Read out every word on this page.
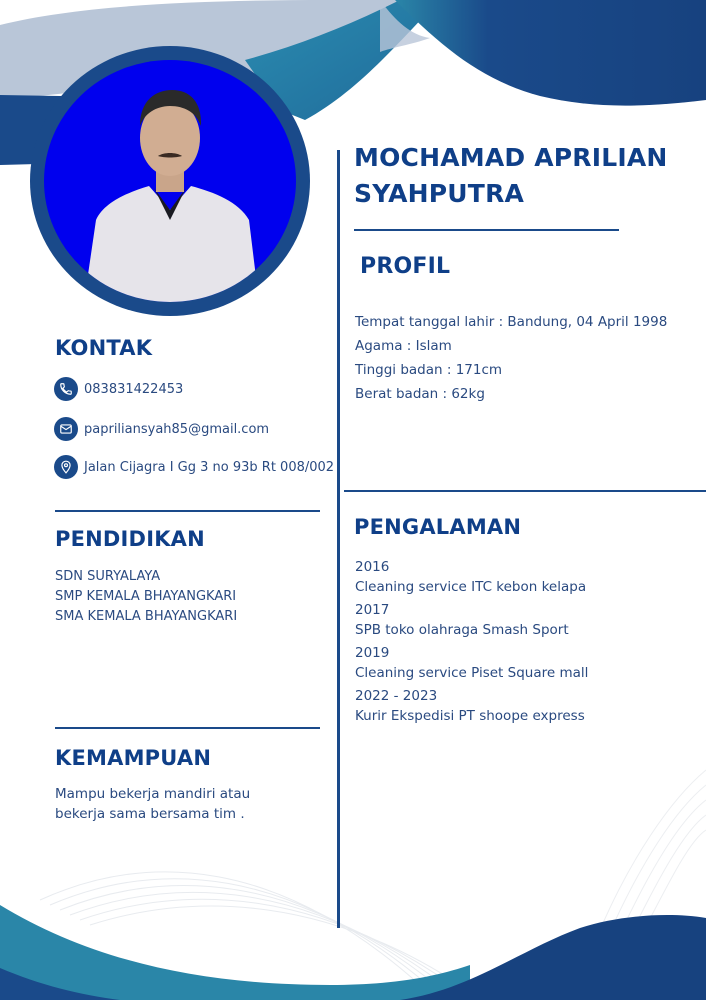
MOCHAMAD APRILIAN
SYAHPUTRA
PROFIL
Tempat tanggal lahir : Bandung, 04 April 1998
Agama : Islam
Tinggi badan : 171cm
Berat badan : 62kg
KONTAK
083831422453
papriliansyah85@gmail.com
Jalan Cijagra I Gg 3 no 93b Rt 008/002
PENDIDIKAN
SDN SURYALAYA
SMP KEMALA BHAYANGKARI
SMA KEMALA BHAYANGKARI
KEMAMPUAN
Mampu bekerja mandiri atau
bekerja sama bersama tim .
PENGALAMAN
2016
Cleaning service ITC kebon kelapa
2017
SPB toko olahraga Smash Sport
2019
Cleaning service Piset Square mall
2022 - 2023
Kurir Ekspedisi PT shoope express
